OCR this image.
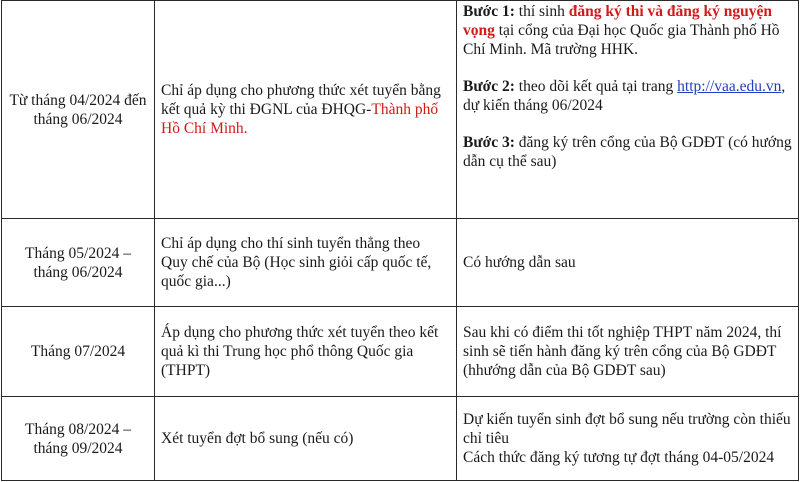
Từ tháng 04/2024 đến tháng 06/2024	Chỉ áp dụng cho phương thức xét tuyển bằng kết quả kỳ thi ĐGNL của ĐHQG-Thành phố Hồ Chí Minh.	Bước 1: thí sinh đăng ký thi và đăng ký nguyện vọng tại cổng của Đại học Quốc gia Thành phố Hồ Chí Minh. Mã trường HHK.

Bước 2: theo dõi kết quả tại trang http://vaa.edu.vn, dự kiến tháng 06/2024

Bước 3: đăng ký trên cổng của Bộ GDĐT (có hướng dẫn cụ thể sau)

Tháng 05/2024 – tháng 06/2024	Chỉ áp dụng cho thí sinh tuyển thẳng theo Quy chế của Bộ (Học sinh giỏi cấp quốc tế, quốc gia...)	Có hướng dẫn sau
Tháng 07/2024	Áp dụng cho phương thức xét tuyển theo kết quả kì thi Trung học phổ thông Quốc gia (THPT)	Sau khi có điểm thi tốt nghiệp THPT năm 2024, thí sinh sẽ tiến hành đăng ký trên cổng của Bộ GDĐT (hhướng dẫn của Bộ GDĐT sau)
Tháng 08/2024 – tháng 09/2024	Xét tuyển đợt bổ sung (nếu có)	Dự kiến tuyển sinh đợt bổ sung nếu trường còn thiếu chỉ tiêu

Cách thức đăng ký tương tự đợt tháng 04-05/2024
